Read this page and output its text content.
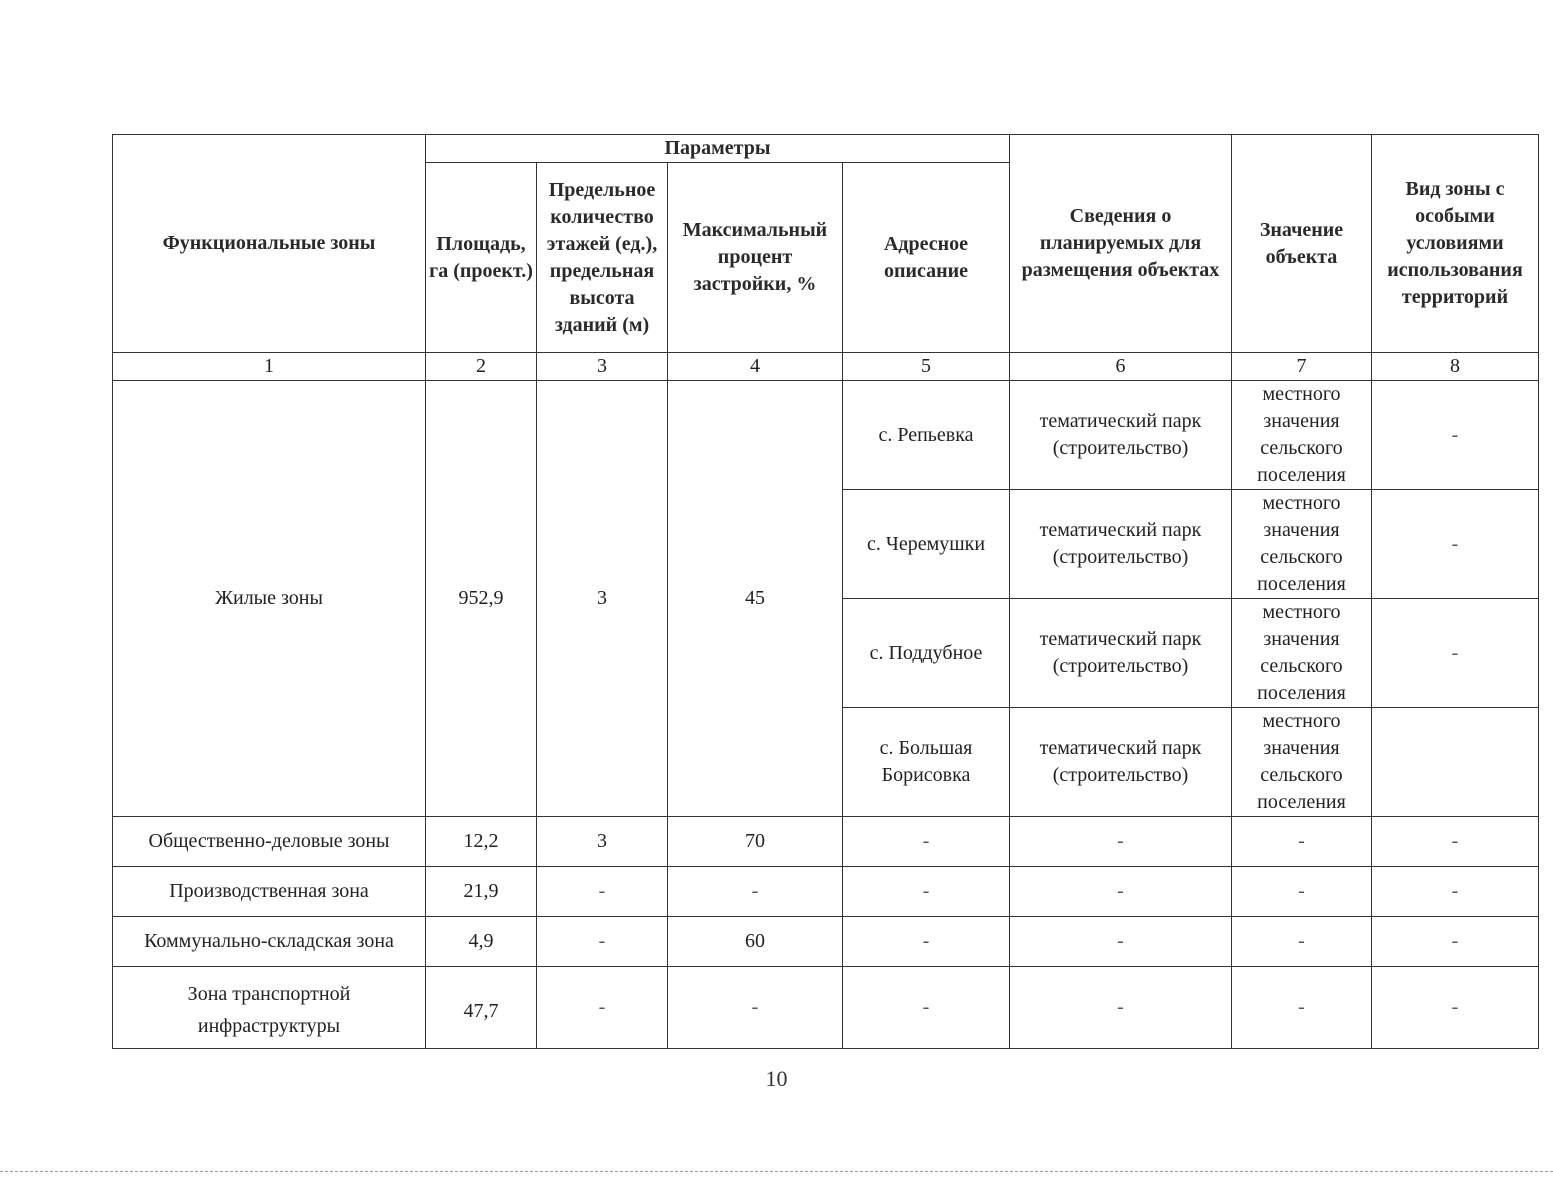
Функциональные зоны	Параметры				Сведения о планируемых для размещения объектах	Значение объекта	Вид зоны с особыми условиями использования территорий
	Площадь, га (проект.)	Предельное количество этажей (ед.), предельная высота зданий (м)	Максимальный процент застройки, %	Адресное описание			
1	2	3	4	5	6	7	8
Жилые зоны	952,9	3	45	с. Репьевка	тематический парк (строительство)	местного значения сельского поселения	-
				с. Черемушки	тематический парк (строительство)	местного значения сельского поселения	-
				с. Поддубное	тематический парк (строительство)	местного значения сельского поселения	-
				с. Большая Борисовка	тематический парк (строительство)	местного значения сельского поселения	
Общественно-деловые зоны	12,2	3	70	-	-	-	-
Производственная зона	21,9	-	-	-	-	-	-
Коммунально-складская зона	4,9	-	60	-	-	-	-
Зона транспортной инфраструктуры	47,7	-	-	-	-	-	-
10
